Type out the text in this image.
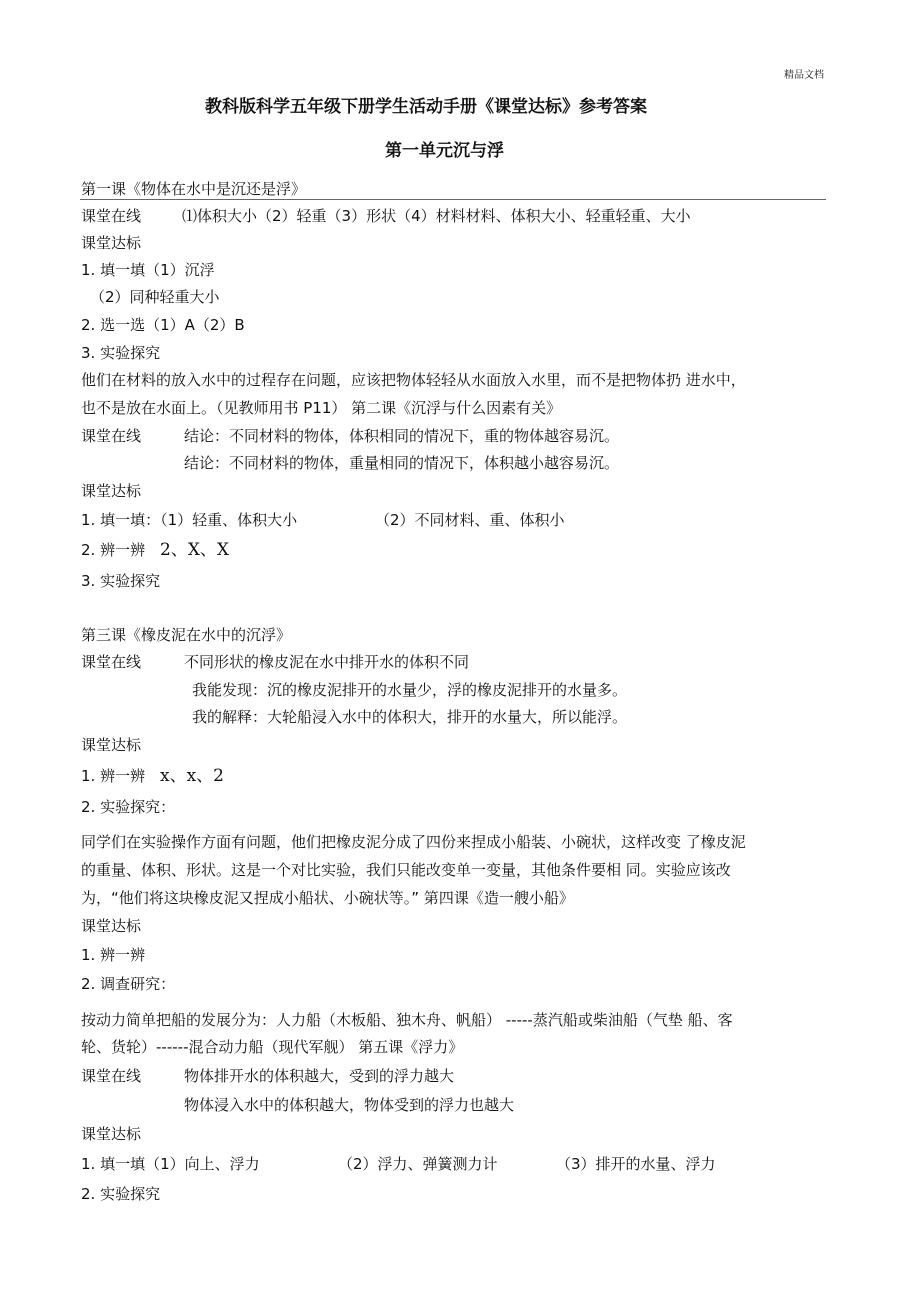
精品文档
教科版科学五年级下册学生活动手册《课堂达标》参考答案
第一单元沉与浮
第一课《物体在水中是沉还是浮》
课堂在线	⑴体积大小（2）轻重（3）形状（4）材料材料、体积大小、轻重轻重、大小
课堂达标
1. 填一填（1）沉浮
（2）同种轻重大小
2. 选一选（1）A（2）B
3. 实验探究
他们在材料的放入水中的过程存在问题，应该把物体轻轻从水面放入水里，而不是把物体扔 进水中，
也不是放在水面上。（见教师用书 P11） 第二课《沉浮与什么因素有关》
课堂在线	结论：不同材料的物体，体积相同的情况下，重的物体越容易沉。
结论：不同材料的物体，重量相同的情况下，体积越小越容易沉。
课堂达标
1. 填一填：（1）轻重、体积大小	（2）不同材料、重、体积小
2. 辨一辨 2、X、X
3. 实验探究
第三课《橡皮泥在水中的沉浮》
课堂在线	不同形状的橡皮泥在水中排开水的体积不同
我能发现：沉的橡皮泥排开的水量少，浮的橡皮泥排开的水量多。
我的解释：大轮船浸入水中的体积大，排开的水量大，所以能浮。
课堂达标
1. 辨一辨 x、x、2
2. 实验探究：
同学们在实验操作方面有问题，他们把橡皮泥分成了四份来捏成小船装、小碗状，这样改变 了橡皮泥
的重量、体积、形状。这是一个对比实验，我们只能改变单一变量，其他条件要相 同。实验应该改
为，“他们将这块橡皮泥又捏成小船状、小碗状等。” 第四课《造一艘小船》
课堂达标
1. 辨一辨
2. 调查研究：
按动力简单把船的发展分为：人力船（木板船、独木舟、帆船） -----蒸汽船或柴油船（气垫 船、客
轮、货轮）------混合动力船（现代军舰） 第五课《浮力》
课堂在线	物体排开水的体积越大，受到的浮力越大
物体浸入水中的体积越大，物体受到的浮力也越大
课堂达标
1. 填一填（1）向上、浮力	（2）浮力、弹簧测力计	（3）排开的水量、浮力
2. 实验探究
